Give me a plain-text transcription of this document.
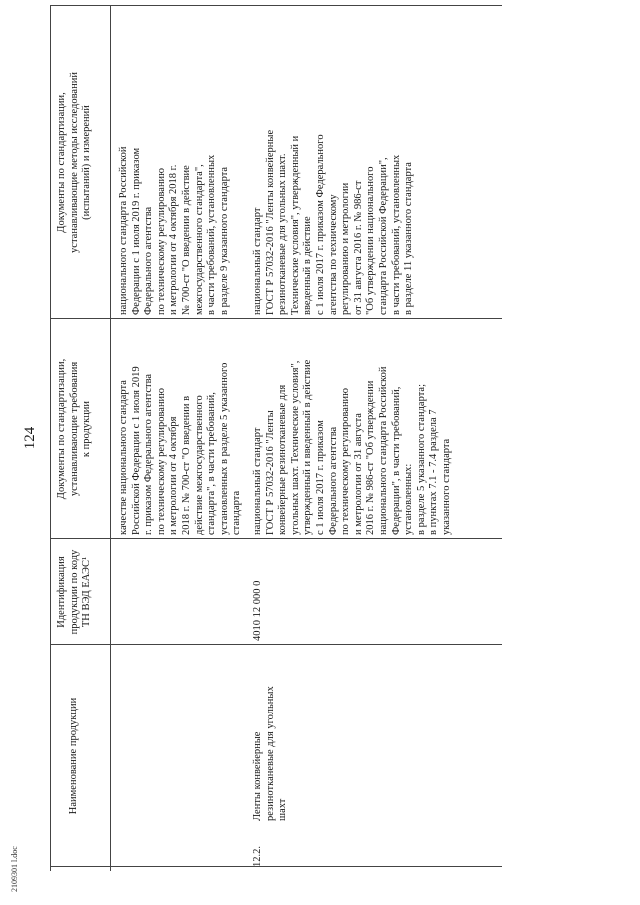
124
Наименование продукции
Идентификация
продукции по коду
ТН ВЭД ЕАЭС¹
Документы по стандартизации,
устанавливающие требования
к продукции
Документы по стандартизации,
устанавливающие методы исследований
(испытаний) и измерений
качестве национального стандарта
Российской Федерации с 1 июля 2019
г. приказом Федерального агентства
по техническому регулированию
и метрологии от 4 октября
2018 г. № 700-ст "О введении в
действие межгосударственного
стандарта", в части требований,
установленных в разделе 5 указанного
стандарта
национального стандарта Российской
Федерации с 1 июля 2019 г. приказом
Федерального агентства
по техническому регулированию
и метрологии от 4 октября 2018 г.
№ 700-ст "О введении в действие
межгосударственного стандарта",
в части требований, установленных
в разделе 9 указанного стандарта
12.2.
Ленты конвейерные
резинотканевые для угольных
шахт
4010 12 000 0
национальный стандарт
ГОСТ Р 57032-2016 "Ленты
конвейерные резинотканевые для
угольных шахт. Технические условия",
утвержденный и введенный в действие
с 1 июля 2017 г. приказом
Федерального агентства
по техническому регулированию
и метрологии от 31 августа
2016 г. № 986-ст "Об утверждении
национального стандарта Российской
Федерации", в части требований,
установленных:
в разделе 5 указанного стандарта;
в пунктах 7.1 - 7.4 раздела 7
указанного стандарта
национальный стандарт
ГОСТ Р 57032-2016 "Ленты конвейерные
резинотканевые для угольных шахт.
Технические условия", утвержденный и
введенный в действие
с 1 июля 2017 г. приказом Федерального
агентства по техническому
регулированию и метрологии
от 31 августа 2016 г. № 986-ст
"Об утверждении национального
стандарта Российской Федерации",
в части требований, установленных
в разделе 11 указанного стандарта
2109301 l.doc
